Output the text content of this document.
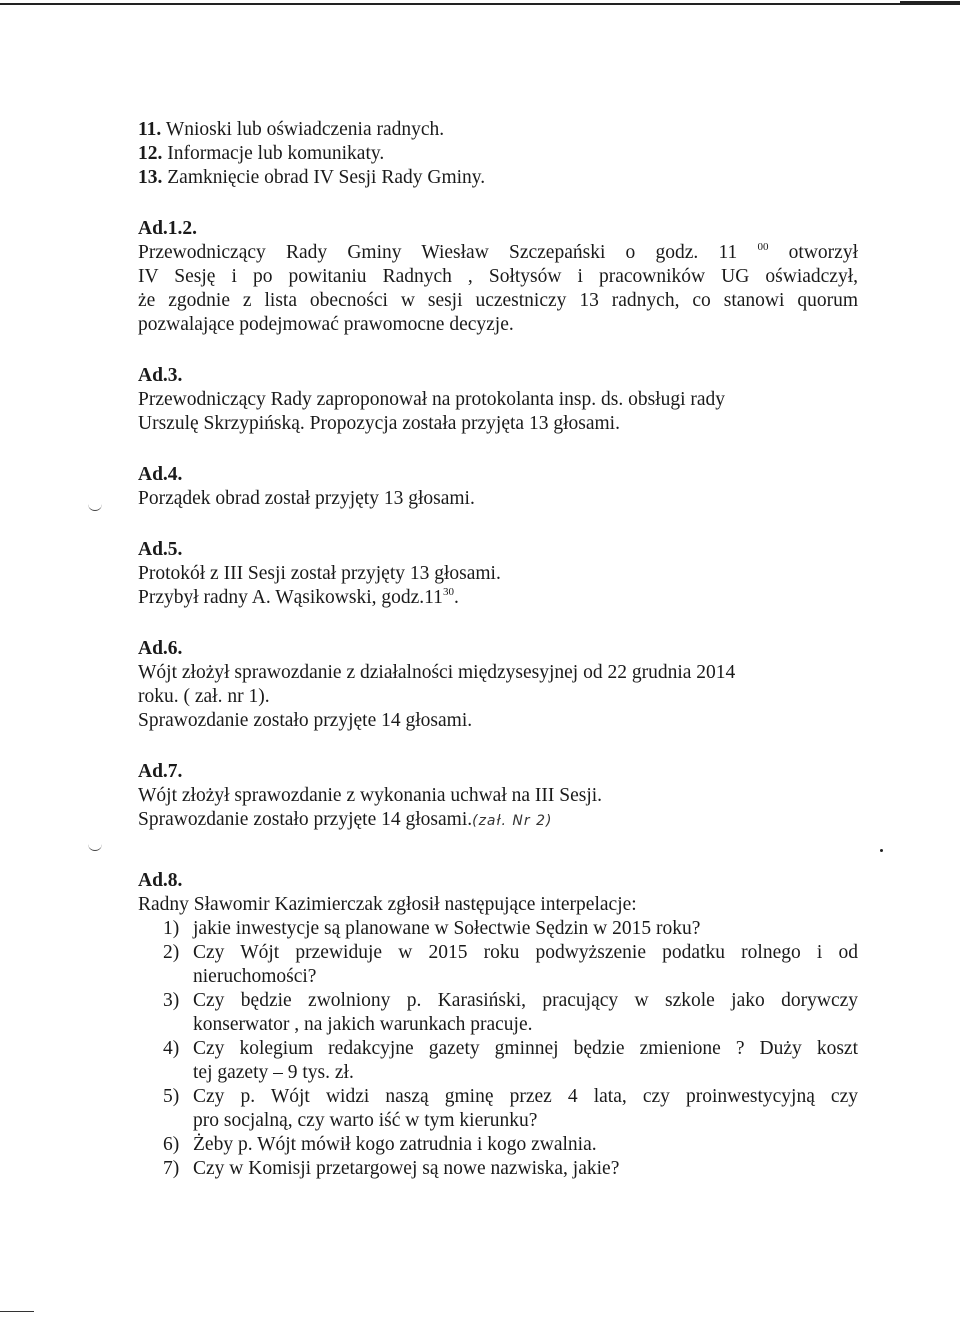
11. Wnioski lub oświadczenia radnych.
12. Informacje lub komunikaty.
13. Zamknięcie obrad IV Sesji Rady Gminy.
Ad.1.2.
Przewodniczący Rady Gminy Wiesław Szczepański o godz. 11 $^{00}$ otworzył
IV Sesję i po powitaniu Radnych , Sołtysów i pracowników UG oświadczył,
że zgodnie z lista obecności w sesji uczestniczy 13 radnych, co stanowi quorum
pozwalające podejmować prawomocne decyzje.
Ad.3.
Przewodniczący Rady zaproponował na protokolanta insp. ds. obsługi rady
Urszulę Skrzypińską. Propozycja została przyjęta 13 głosami.
Ad.4.
Porządek obrad został przyjęty 13 głosami.
Ad.5.
Protokół z III Sesji został przyjęty 13 głosami.
Przybył radny A. Wąsikowski, $godz.11^{30}$.
Ad.6.
Wójt złożył sprawozdanie z działalności międzysesyjnej od 22 grudnia 2014
roku. ( zał. nr 1).
Sprawozdanie zostało przyjęte 14 głosami.
Ad.7.
Wójt złożył sprawozdanie z wykonania uchwał na III Sesji.
Sprawozdanie zostało przyjęte 14 głosami.(zał. Nr 2)
Ad.8.
Radny Sławomir Kazimierczak zgłosił następujące interpelacje:
1) jakie inwestycje są planowane w Sołectwie Sędzin w 2015 roku?
2) Czy Wójt przewiduje w 2015 roku podwyższenie podatku rolnego i od
nieruchomości?
3) Czy będzie zwolniony p. Karasiński, pracujący w szkole jako dorywczy
konserwator , na jakich warunkach pracuje.
4) Czy kolegium redakcyjne gazety gminnej będzie zmienione ? Duży koszt
tej gazety – 9 tys. zł.
5) Czy p. Wójt widzi naszą gminę przez 4 lata, czy proinwestycyjną czy
pro socjalną, czy warto iść w tym kierunku?
6) Żeby p. Wójt mówił kogo zatrudnia i kogo zwalnia.
7) Czy w Komisji przetargowej są nowe nazwiska, jakie?
